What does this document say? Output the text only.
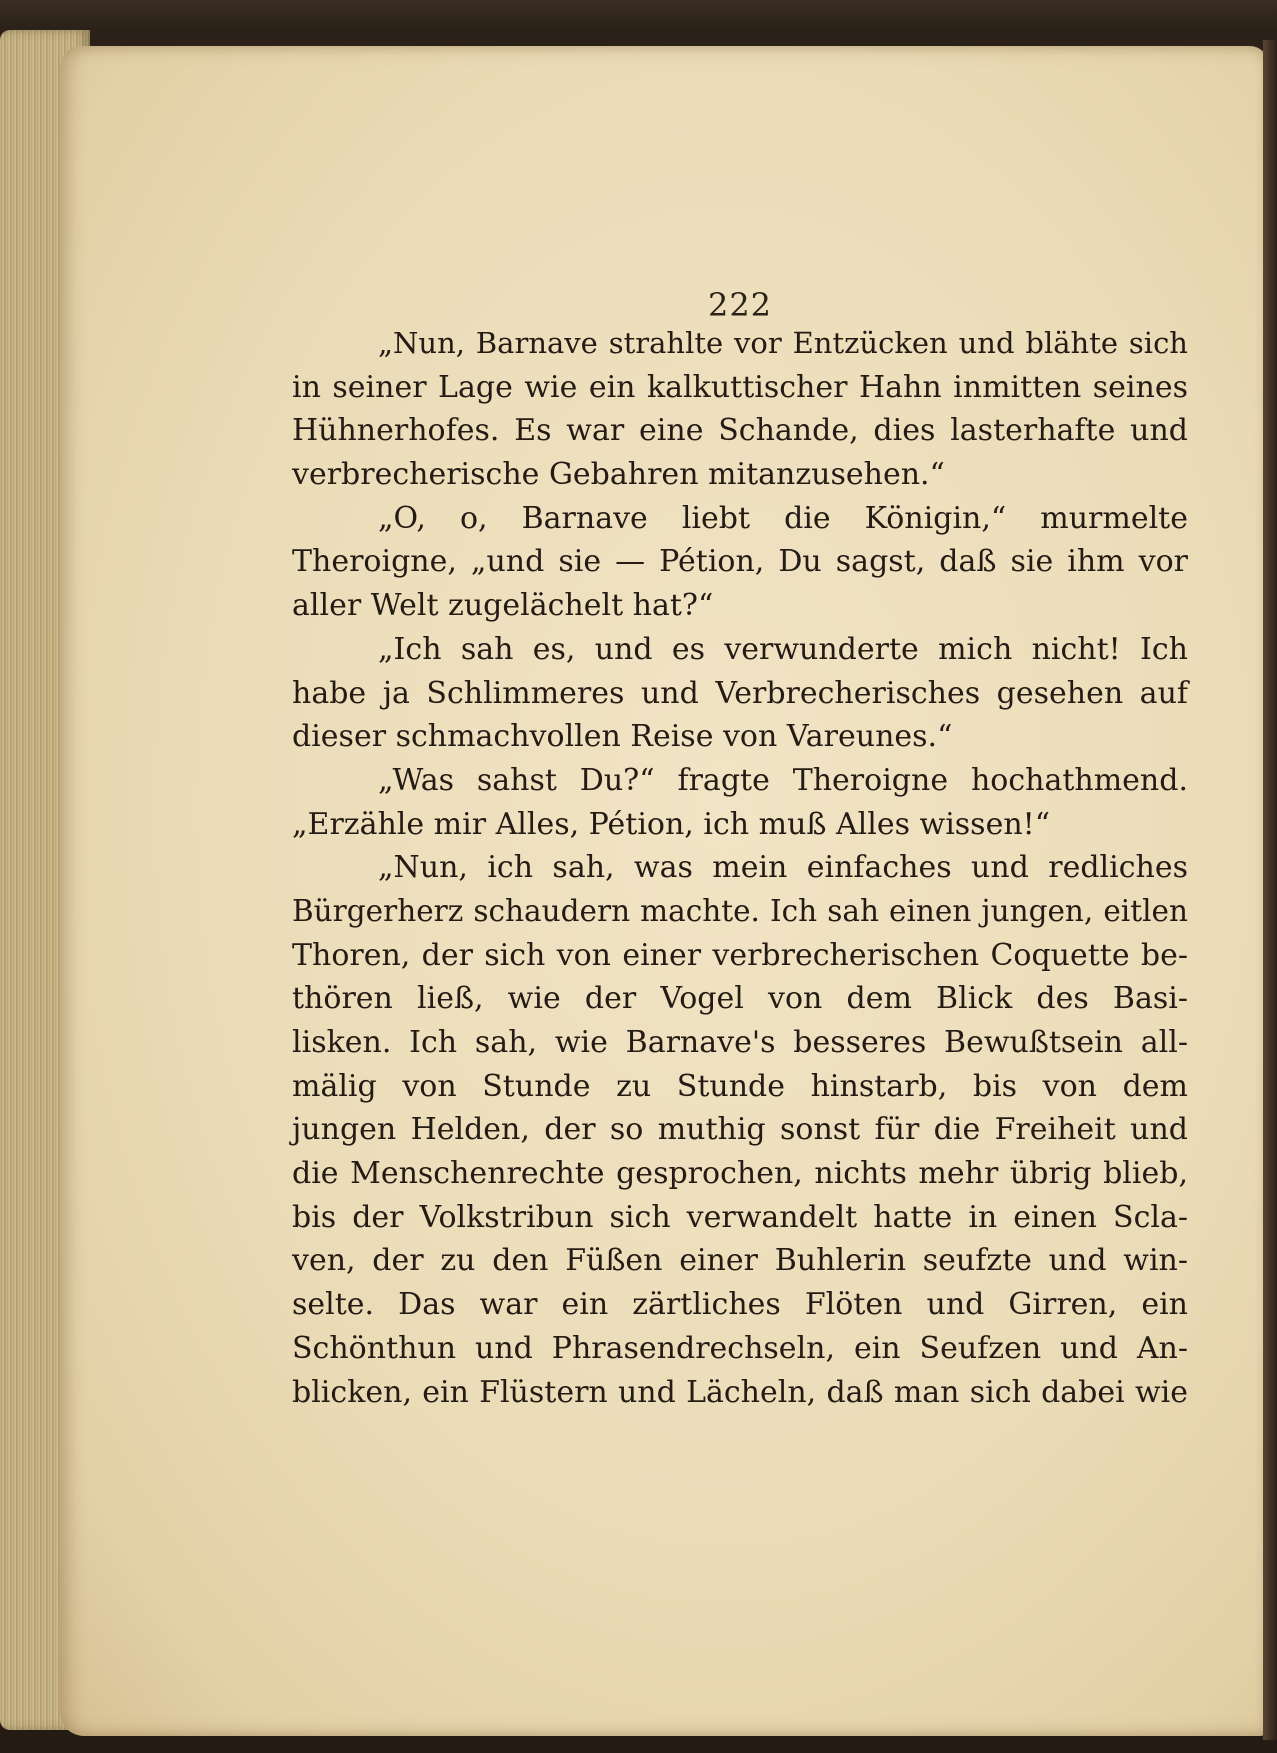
222
„Nun, Barnave strahlte vor Entzücken und blähte sich
in seiner Lage wie ein kalkuttischer Hahn inmitten seines
Hühnerhofes. Es war eine Schande, dies lasterhafte und
verbrecherische Gebahren mitanzusehen.“
„O, o, Barnave liebt die Königin,“ murmelte
Theroigne, „und sie — Pétion, Du sagst, daß sie ihm vor
aller Welt zugelächelt hat?“
„Ich sah es, und es verwunderte mich nicht! Ich
habe ja Schlimmeres und Verbrecherisches gesehen auf
dieser schmachvollen Reise von Vareunes.“
„Was sahst Du?“ fragte Theroigne hochathmend.
„Erzähle mir Alles, Pétion, ich muß Alles wissen!“
„Nun, ich sah, was mein einfaches und redliches
Bürgerherz schaudern machte. Ich sah einen jungen, eitlen
Thoren, der sich von einer verbrecherischen Coquette be-
thören ließ, wie der Vogel von dem Blick des Basi-
lisken. Ich sah, wie Barnave's besseres Bewußtsein all-
mälig von Stunde zu Stunde hinstarb, bis von dem
jungen Helden, der so muthig sonst für die Freiheit und
die Menschenrechte gesprochen, nichts mehr übrig blieb,
bis der Volkstribun sich verwandelt hatte in einen Scla-
ven, der zu den Füßen einer Buhlerin seufzte und win-
selte. Das war ein zärtliches Flöten und Girren, ein
Schönthun und Phrasendrechseln, ein Seufzen und An-
blicken, ein Flüstern und Lächeln, daß man sich dabei wie
